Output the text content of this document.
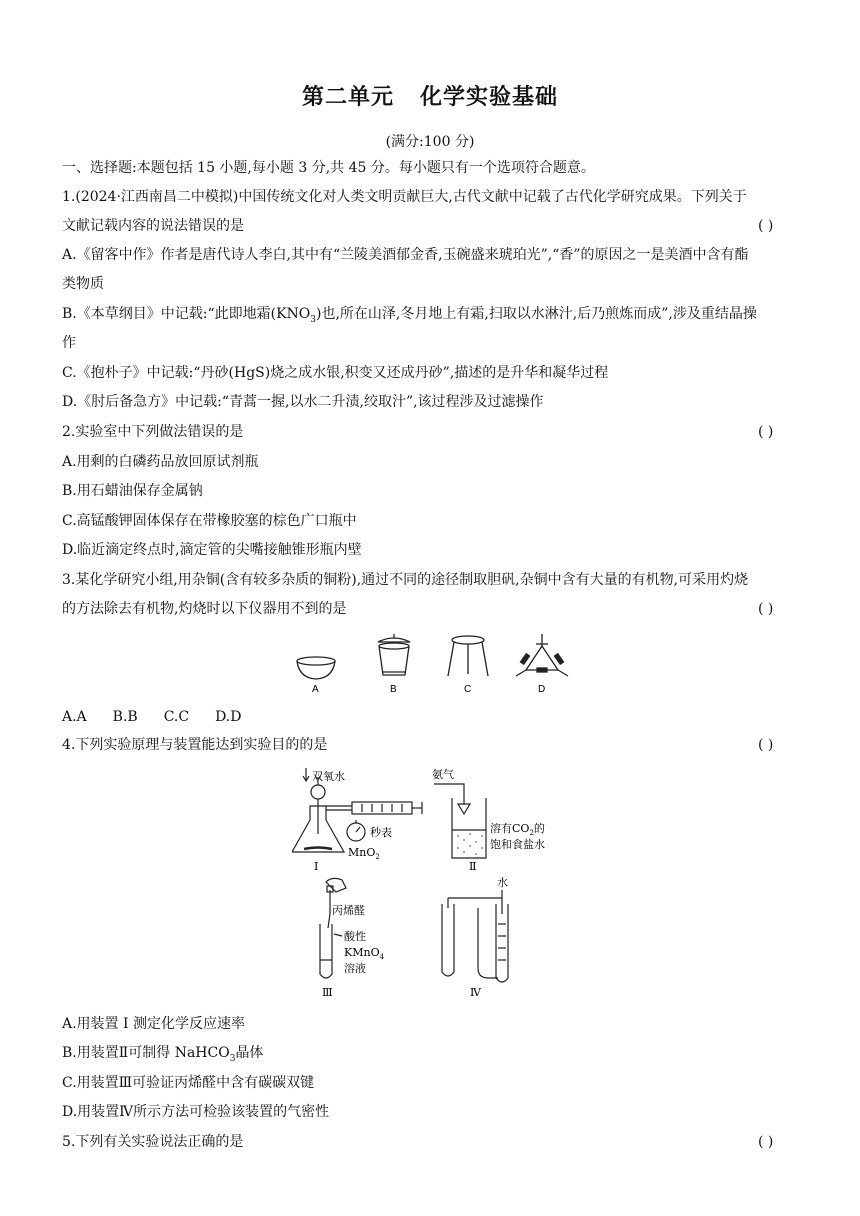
第二单元 化学实验基础
(满分:100 分)
一、选择题:本题包括 15 小题,每小题 3 分,共 45 分。每小题只有一个选项符合题意。
1.(2024·江西南昌二中模拟)中国传统文化对人类文明贡献巨大,古代文献中记载了古代化学研究成果。下列关于
文献记载内容的说法错误的是	( )
A.《留客中作》作者是唐代诗人李白,其中有“兰陵美酒郁金香,玉碗盛来琥珀光”,“香”的原因之一是美酒中含有酯
类物质
B.《本草纲目》中记载:“此即地霜$(KNO_3)$也,所在山泽,冬月地上有霜,扫取以水淋汁,后乃煎炼而成”,涉及重结晶操
作
C.《抱朴子》中记载:“丹砂(HgS)烧之成水银,积变又还成丹砂”,描述的是升华和凝华过程
D.《肘后备急方》中记载:“青蒿一握,以水二升渍,绞取汁”,该过程涉及过滤操作
2.实验室中下列做法错误的是	( )
A.用剩的白磷药品放回原试剂瓶
B.用石蜡油保存金属钠
C.高锰酸钾固体保存在带橡胶塞的棕色广口瓶中
D.临近滴定终点时,滴定管的尖嘴接触锥形瓶内壁
3.某化学研究小组,用杂铜(含有较多杂质的铜粉),通过不同的途径制取胆矾,杂铜中含有大量的有机物,可采用灼烧
的方法除去有机物,灼烧时以下仪器用不到的是	( )
A	B	C	D
A.A B.B C.C D.D
4.下列实验原理与装置能达到实验目的的是	( )
双氧水
秒表
MnO$_2$
Ⅰ
氨气
溶有$CO_2$的
饱和食盐水
Ⅱ
丙烯醛
酸性
KMnO$_4$
溶液
Ⅲ
水
Ⅳ
A.用装置 Ⅰ 测定化学反应速率
B.用装置Ⅱ可制得 NaHCO$_3$晶体
C.用装置Ⅲ可验证丙烯醛中含有碳碳双键
D.用装置Ⅳ所示方法可检验该装置的气密性
5.下列有关实验说法正确的是	( )
